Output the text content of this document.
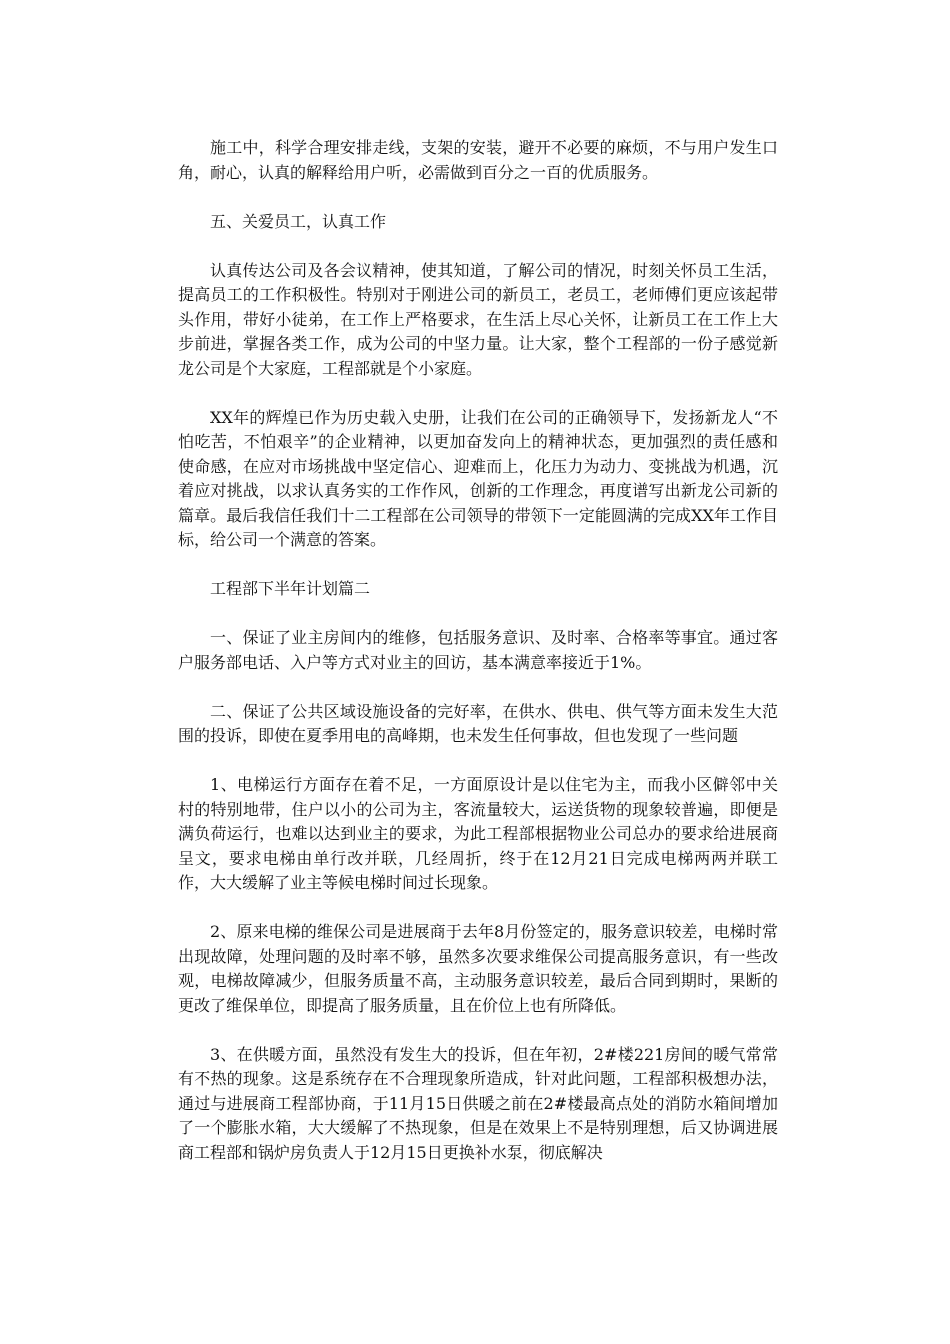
施工中，科学合理安排走线，支架的安装，避开不必要的麻烦，不与用户发生口角，耐心，认真的解释给用户听，必需做到百分之一百的优质服务。

五、关爱员工，认真工作

认真传达公司及各会议精神，使其知道，了解公司的情况，时刻关怀员工生活，提高员工的工作积极性。特别对于刚进公司的新员工，老员工，老师傅们更应该起带头作用，带好小徒弟，在工作上严格要求，在生活上尽心关怀，让新员工在工作上大步前进，掌握各类工作，成为公司的中坚力量。让大家，整个工程部的一份子感觉新龙公司是个大家庭，工程部就是个小家庭。

XX年的辉煌已作为历史载入史册，让我们在公司的正确领导下，发扬新龙人“不怕吃苦，不怕艰辛”的企业精神，以更加奋发向上的精神状态，更加强烈的责任感和使命感，在应对市场挑战中坚定信心、迎难而上，化压力为动力、变挑战为机遇，沉着应对挑战，以求认真务实的工作作风，创新的工作理念，再度谱写出新龙公司新的篇章。最后我信任我们十二工程部在公司领导的带领下一定能圆满的完成XX年工作目标，给公司一个满意的答案。

工程部下半年计划篇二

一、保证了业主房间内的维修，包括服务意识、及时率、合格率等事宜。通过客户服务部电话、入户等方式对业主的回访，基本满意率接近于1%。

二、保证了公共区域设施设备的完好率，在供水、供电、供气等方面未发生大范围的投诉，即使在夏季用电的高峰期，也未发生任何事故，但也发现了一些问题

1、电梯运行方面存在着不足，一方面原设计是以住宅为主，而我小区僻邻中关村的特别地带，住户以小的公司为主，客流量较大，运送货物的现象较普遍，即便是满负荷运行，也难以达到业主的要求，为此工程部根据物业公司总办的要求给进展商呈文，要求电梯由单行改并联，几经周折，终于在12月21日完成电梯两两并联工作，大大缓解了业主等候电梯时间过长现象。

2、原来电梯的维保公司是进展商于去年8月份签定的，服务意识较差，电梯时常出现故障，处理问题的及时率不够，虽然多次要求维保公司提高服务意识，有一些改观，电梯故障减少，但服务质量不高，主动服务意识较差，最后合同到期时，果断的更改了维保单位，即提高了服务质量，且在价位上也有所降低。

3、在供暖方面，虽然没有发生大的投诉，但在年初，2#楼221房间的暖气常常有不热的现象。这是系统存在不合理现象所造成，针对此问题，工程部积极想办法，通过与进展商工程部协商，于11月15日供暖之前在2#楼最高点处的消防水箱间增加了一个膨胀水箱，大大缓解了不热现象，但是在效果上不是特别理想，后又协调进展商工程部和锅炉房负责人于12月15日更换补水泵，彻底解决
